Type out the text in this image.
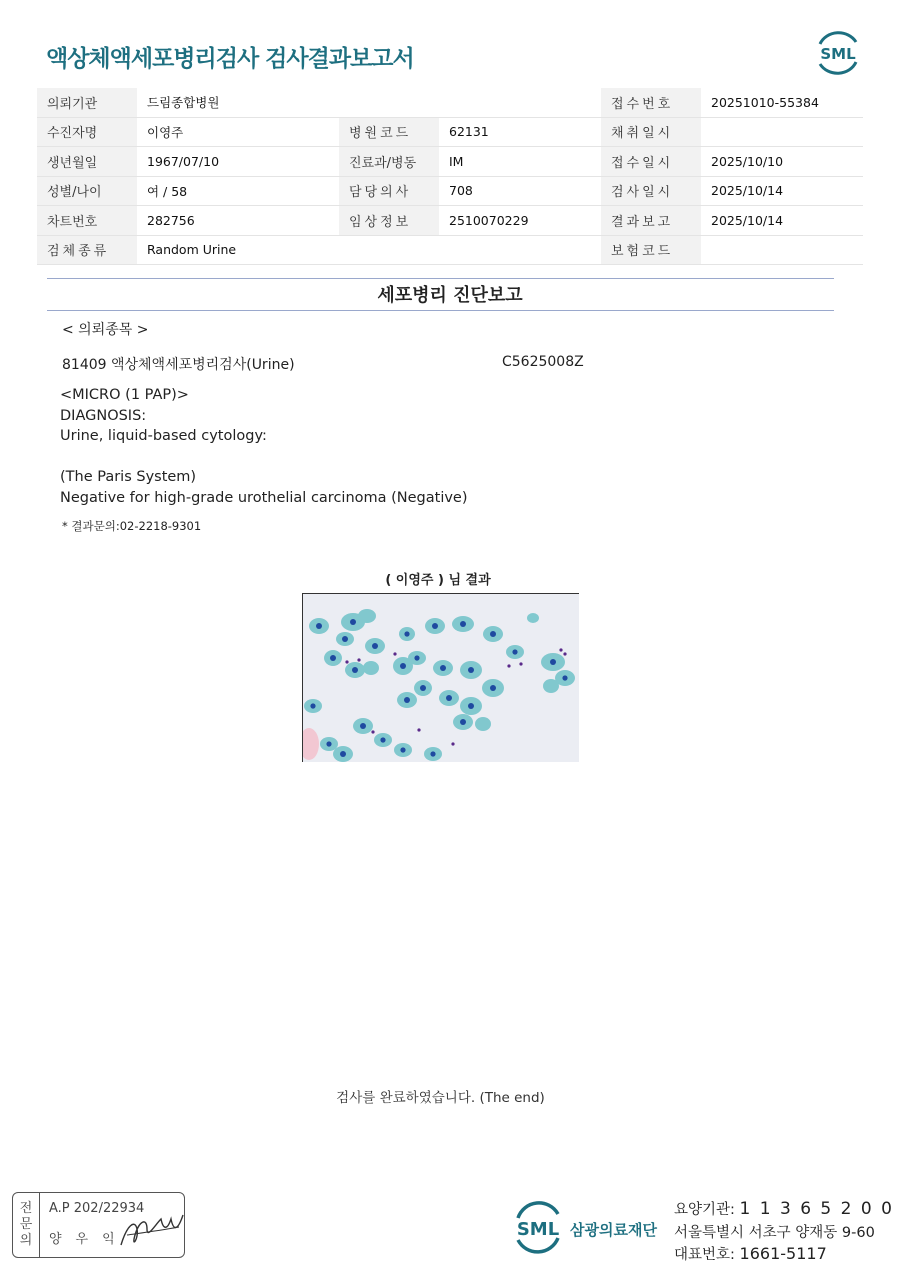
액상체액세포병리검사 검사결과보고서	SML
의뢰기관	드림종합병원			접수번호	20251010-55384
수진자명	이영주	병원코드	62131	채취일시	
생년월일	1967/07/10	진료과/병동	IM	접수일시	2025/10/10
성별/나이	여 / 58	담당의사	708	검사일시	2025/10/14
차트번호	282756	임상정보	2510070229	결과보고	2025/10/14
검체종류	Random Urine			보험코드	
세포병리 진단보고
< 의뢰종목 >
81409 액상체액세포병리검사(Urine)	C5625008Z
<MICRO (1 PAP)>
DIAGNOSIS:
Urine, liquid-based cytology:
(The Paris System)
Negative for high-grade urothelial carcinoma (Negative)
* 결과문의:02-2218-9301
( 이영주 ) 님 결과
검사를 완료하였습니다. (The end)
전
문
의
A.P 202/22934
양우익	SML 삼광의료재단
요양기관: 1 1 3 6 5 2 0 0
서울특별시 서초구 양재동 9-60
대표번호: 1661-5117
